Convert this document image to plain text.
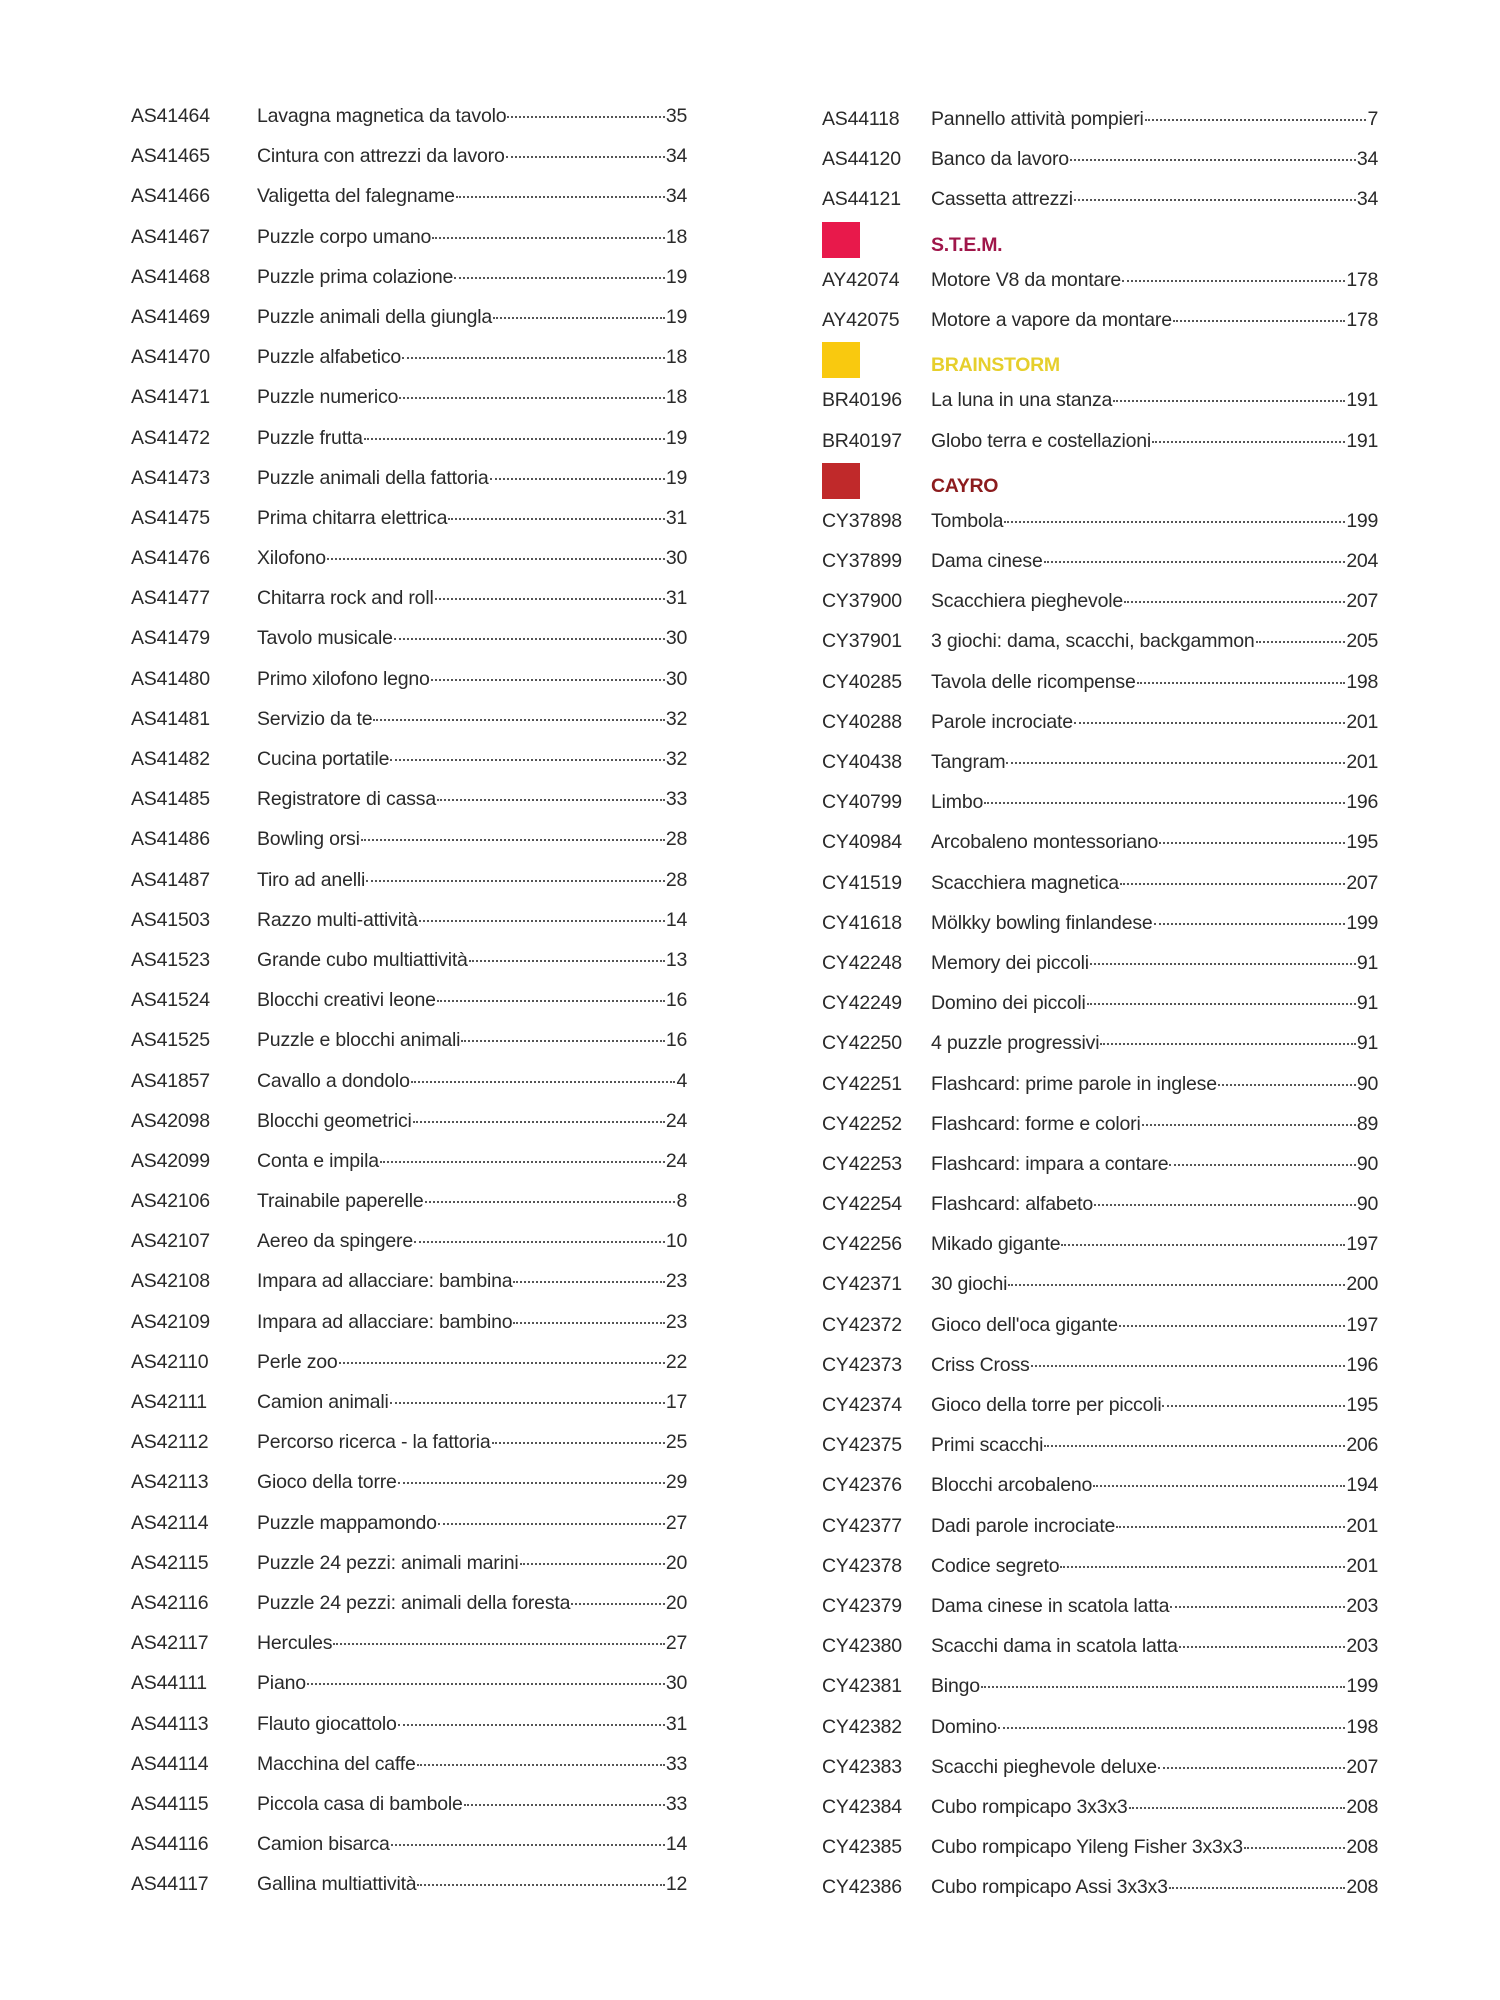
AS41464 Lavagna magnetica da tavolo	35
AS41465 Cintura con attrezzi da lavoro	34
AS41466 Valigetta del falegname	34
AS41467 Puzzle corpo umano	18
AS41468 Puzzle prima colazione	19
AS41469 Puzzle animali della giungla	19
AS41470 Puzzle alfabetico	18
AS41471 Puzzle numerico	18
AS41472 Puzzle frutta	19
AS41473 Puzzle animali della fattoria	19
AS41475 Prima chitarra elettrica	31
AS41476 Xilofono	30
AS41477 Chitarra rock and roll	31
AS41479 Tavolo musicale	30
AS41480 Primo xilofono legno	30
AS41481 Servizio da te	32
AS41482 Cucina portatile	32
AS41485 Registratore di cassa	33
AS41486 Bowling orsi	28
AS41487 Tiro ad anelli	28
AS41503 Razzo multi-attività	14
AS41523 Grande cubo multiattività	13
AS41524 Blocchi creativi leone	16
AS41525 Puzzle e blocchi animali	16
AS41857 Cavallo a dondolo	4
AS42098 Blocchi geometrici	24
AS42099 Conta e impila	24
AS42106 Trainabile paperelle	8
AS42107 Aereo da spingere	10
AS42108 Impara ad allacciare: bambina	23
AS42109 Impara ad allacciare: bambino	23
AS42110 Perle zoo	22
AS42111	Camion animali	17
AS42112 Percorso ricerca - la fattoria	25
AS42113 Gioco della torre	29
AS42114 Puzzle mappamondo	27
AS42115 Puzzle 24 pezzi: animali marini	20
AS42116 Puzzle 24 pezzi: animali della foresta	20
AS42117 Hercules	27
AS44111	Piano	30
AS44113 Flauto giocattolo	31
AS44114 Macchina del caffe	33
AS44115 Piccola casa di bambole	33
AS44116 Camion bisarca	14
AS44117 Gallina multiattività	12
AS44118 Pannello attività pompieri	7
AS44120 Banco da lavoro	34
AS44121 Cassetta attrezzi	34
S.T.E.M.
AY42074 Motore V8 da montare	178
AY42075 Motore a vapore da montare	178
BRAINSTORM
BR40196 La luna in una stanza	191
BR40197 Globo terra e costellazioni	191
CAYRO
CY37898 Tombola	199
CY37899 Dama cinese	204
CY37900 Scacchiera pieghevole	207
CY37901 3 giochi: dama, scacchi, backgammon	205
CY40285 Tavola delle ricompense	198
CY40288 Parole incrociate	201
CY40438 Tangram	201
CY40799 Limbo	196
CY40984 Arcobaleno montessoriano	195
CY41519 Scacchiera magnetica	207
CY41618 Mölkky bowling finlandese	199
CY42248 Memory dei piccoli	91
CY42249 Domino dei piccoli	91
CY42250 4 puzzle progressivi	91
CY42251 Flashcard: prime parole in inglese	90
CY42252 Flashcard: forme e colori	89
CY42253 Flashcard: impara a contare	90
CY42254 Flashcard: alfabeto	90
CY42256 Mikado gigante	197
CY42371 30 giochi	200
CY42372 Gioco dell'oca gigante	197
CY42373 Criss Cross	196
CY42374 Gioco della torre per piccoli	195
CY42375 Primi scacchi	206
CY42376 Blocchi arcobaleno	194
CY42377 Dadi parole incrociate	201
CY42378 Codice segreto	201
CY42379 Dama cinese in scatola latta	203
CY42380 Scacchi dama in scatola latta	203
CY42381 Bingo	199
CY42382 Domino	198
CY42383 Scacchi pieghevole deluxe	207
CY42384 Cubo rompicapo 3x3x3	208
CY42385 Cubo rompicapo Yileng Fisher 3x3x3	208
CY42386 Cubo rompicapo Assi 3x3x3	208
